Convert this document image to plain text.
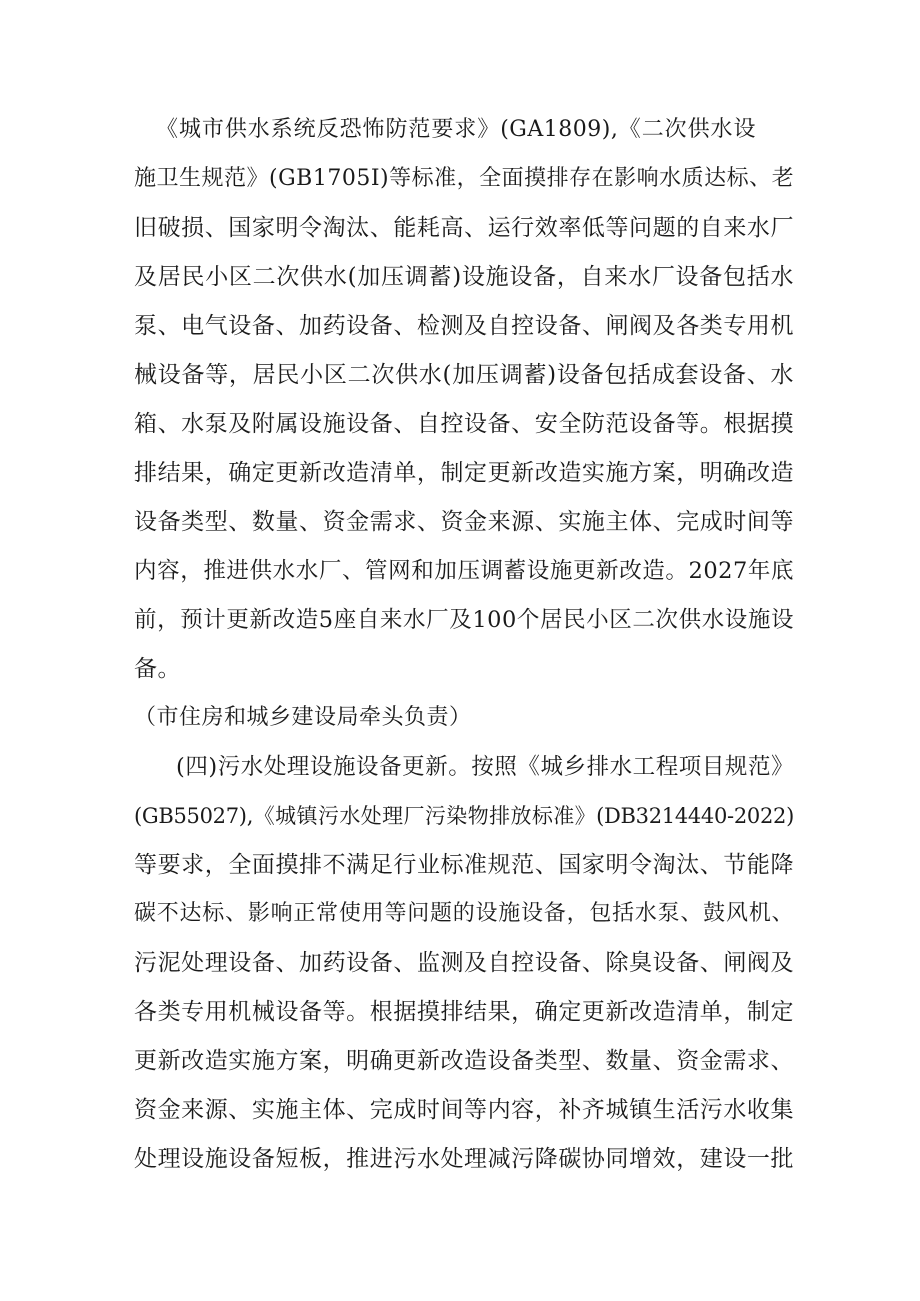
《城市供水系统反恐怖防范要求》(GA1809),《二次供水设
施卫生规范》(GB1705I)等标准，全面摸排存在影响水质达标、老
旧破损、国家明令淘汰、能耗高、运行效率低等问题的自来水厂
及居民小区二次供水(加压调蓄)设施设备，自来水厂设备包括水
泵、电气设备、加药设备、检测及自控设备、闸阀及各类专用机
械设备等，居民小区二次供水(加压调蓄)设备包括成套设备、水
箱、水泵及附属设施设备、自控设备、安全防范设备等。根据摸
排结果，确定更新改造清单，制定更新改造实施方案，明确改造
设备类型、数量、资金需求、资金来源、实施主体、完成时间等
内容，推进供水水厂、管网和加压调蓄设施更新改造。2027年底
前，预计更新改造5座自来水厂及100个居民小区二次供水设施设
备。
（市住房和城乡建设局牵头负责）
(四)污水处理设施设备更新。按照《城乡排水工程项目规范》
(GB55027),《城镇污水处理厂污染物排放标准》(DB3214440-2022)
等要求，全面摸排不满足行业标准规范、国家明令淘汰、节能降
碳不达标、影响正常使用等问题的设施设备，包括水泵、鼓风机、
污泥处理设备、加药设备、监测及自控设备、除臭设备、闸阀及
各类专用机械设备等。根据摸排结果，确定更新改造清单，制定
更新改造实施方案，明确更新改造设备类型、数量、资金需求、
资金来源、实施主体、完成时间等内容，补齐城镇生活污水收集
处理设施设备短板，推进污水处理减污降碳协同增效，建设一批
